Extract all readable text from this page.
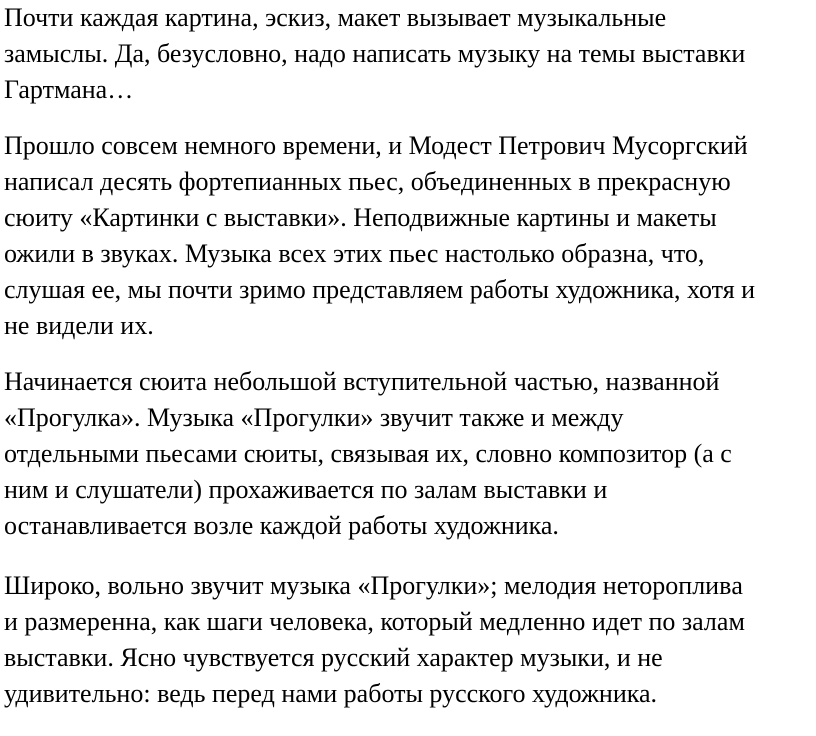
Почти каждая картина, эскиз, макет вызывает музыкальные
замыслы. Да, безусловно, надо написать музыку на темы выставки
Гартмана…

Прошло совсем немного времени, и Модест Петрович Мусоргский
написал десять фортепианных пьес, объединенных в прекрасную
сюиту «Картинки с выставки». Неподвижные картины и макеты
ожили в звуках. Музыка всех этих пьес настолько образна, что,
слушая ее, мы почти зримо представляем работы художника, хотя и
не видели их.

Начинается сюита небольшой вступительной частью, названной
«Прогулка». Музыка «Прогулки» звучит также и между
отдельными пьесами сюиты, связывая их, словно композитор (а с
ним и слушатели) прохаживается по залам выставки и
останавливается возле каждой работы художника.

Широко, вольно звучит музыка «Прогулки»; мелодия неторопливa
и размеренна, как шаги человека, который медленно идет по залам
выставки. Ясно чувствуется русский характер музыки, и не
удивительно: ведь перед нами работы русского художника.
